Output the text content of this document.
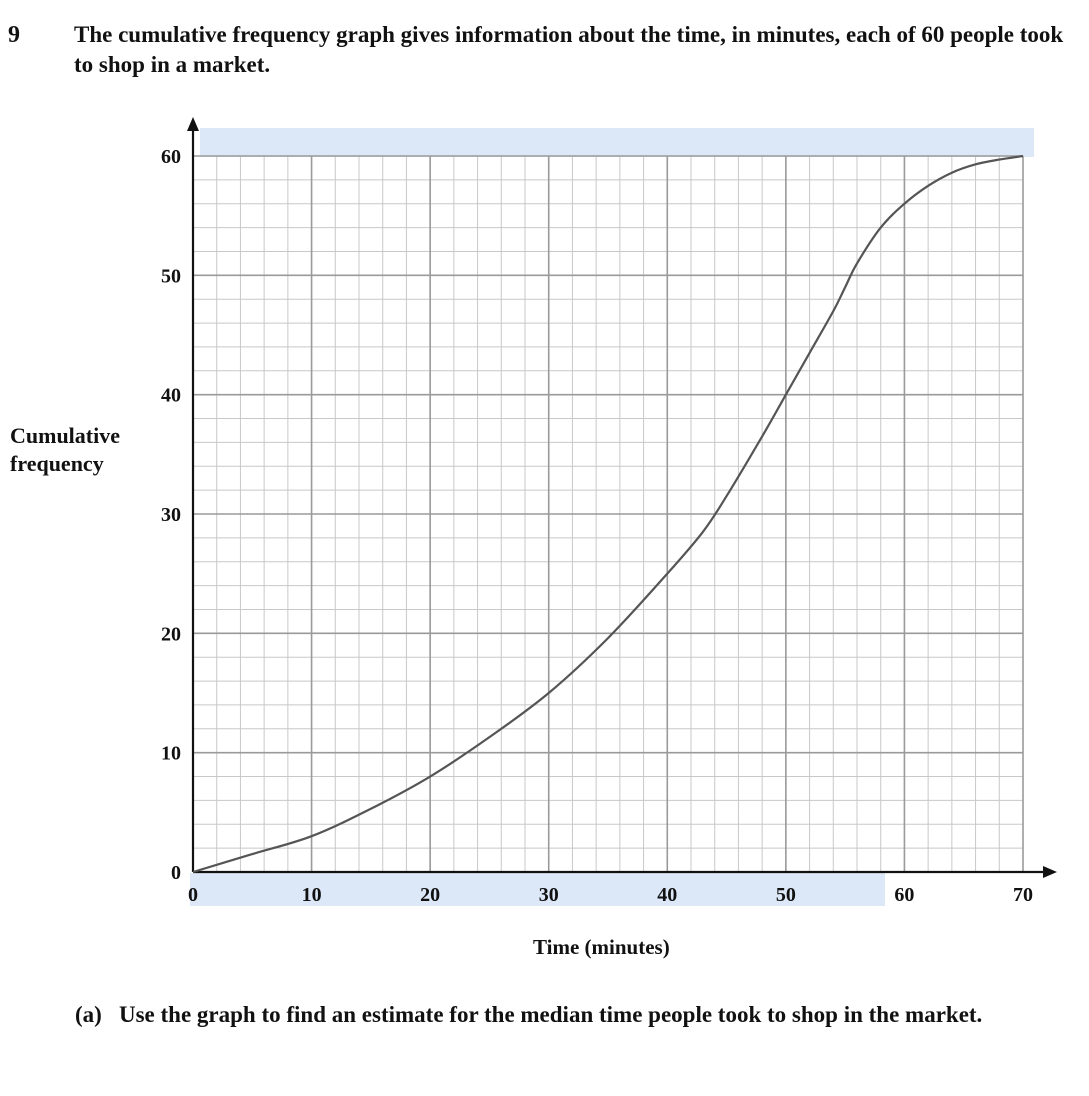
9 The cumulative frequency graph gives information about the time, in minutes, each of 60 people took to shop in a market.
Cumulative
frequency
0	10	20	30	40	50	60	70
0
10
20
30
40
50
60
Time (minutes)
(a) Use the graph to find an estimate for the median time people took to shop in the market.
